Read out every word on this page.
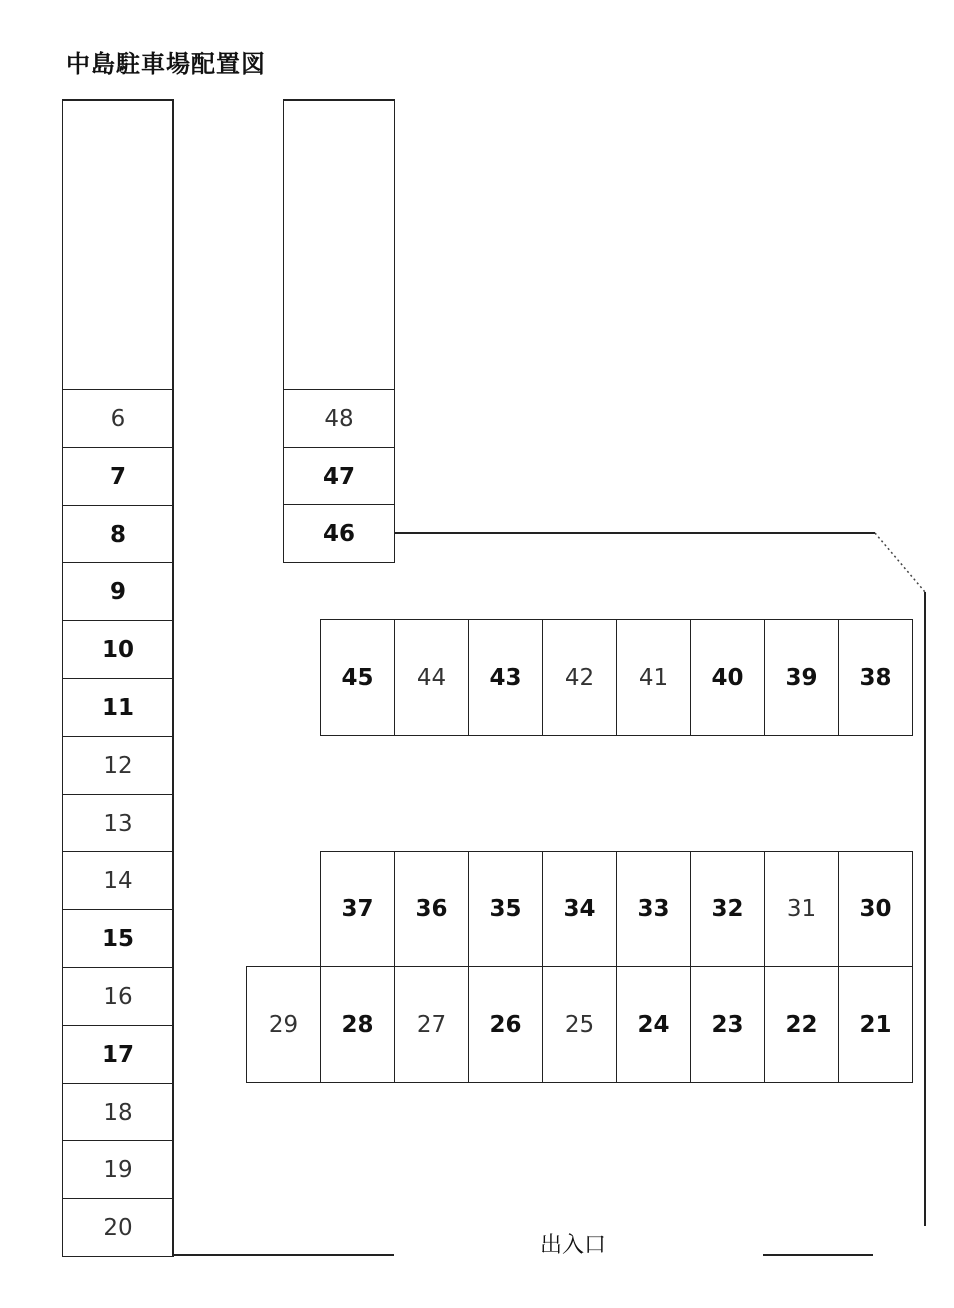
中島駐車場配置図
6
7
8
9
10
11
12
13
14
15
16
17
18
19
20
48
47
46
45	44	43	42	41	40	39	38
37	36	35	34	33	32	31	30
29	28	27	26	25	24	23	22	21
出入口
